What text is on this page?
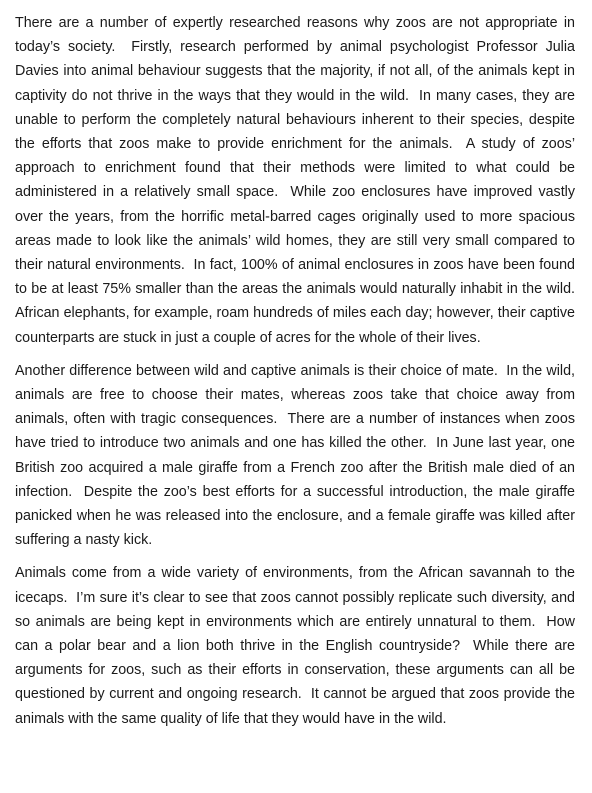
There are a number of expertly researched reasons why zoos are not appropriate in today’s society.  Firstly, research performed by animal psychologist Professor Julia Davies into animal behaviour suggests that the majority, if not all, of the animals kept in captivity do not thrive in the ways that they would in the wild.  In many cases, they are unable to perform the completely natural behaviours inherent to their species, despite the efforts that zoos make to provide enrichment for the animals.  A study of zoos’ approach to enrichment found that their methods were limited to what could be administered in a relatively small space.  While zoo enclosures have improved vastly over the years, from the horrific metal-barred cages originally used to more spacious areas made to look like the animals’ wild homes, they are still very small compared to their natural environments.  In fact, 100% of animal enclosures in zoos have been found to be at least 75% smaller than the areas the animals would naturally inhabit in the wild.  African elephants, for example, roam hundreds of miles each day; however, their captive counterparts are stuck in just a couple of acres for the whole of their lives.

Another difference between wild and captive animals is their choice of mate.  In the wild, animals are free to choose their mates, whereas zoos take that choice away from animals, often with tragic consequences.  There are a number of instances when zoos have tried to introduce two animals and one has killed the other.  In June last year, one British zoo acquired a male giraffe from a French zoo after the British male died of an infection.  Despite the zoo’s best efforts for a successful introduction, the male giraffe panicked when he was released into the enclosure, and a female giraffe was killed after suffering a nasty kick.

Animals come from a wide variety of environments, from the African savannah to the icecaps.  I’m sure it’s clear to see that zoos cannot possibly replicate such diversity, and so animals are being kept in environments which are entirely unnatural to them.  How can a polar bear and a lion both thrive in the English countryside?  While there are arguments for zoos, such as their efforts in conservation, these arguments can all be questioned by current and ongoing research.  It cannot be argued that zoos provide the animals with the same quality of life that they would have in the wild.
